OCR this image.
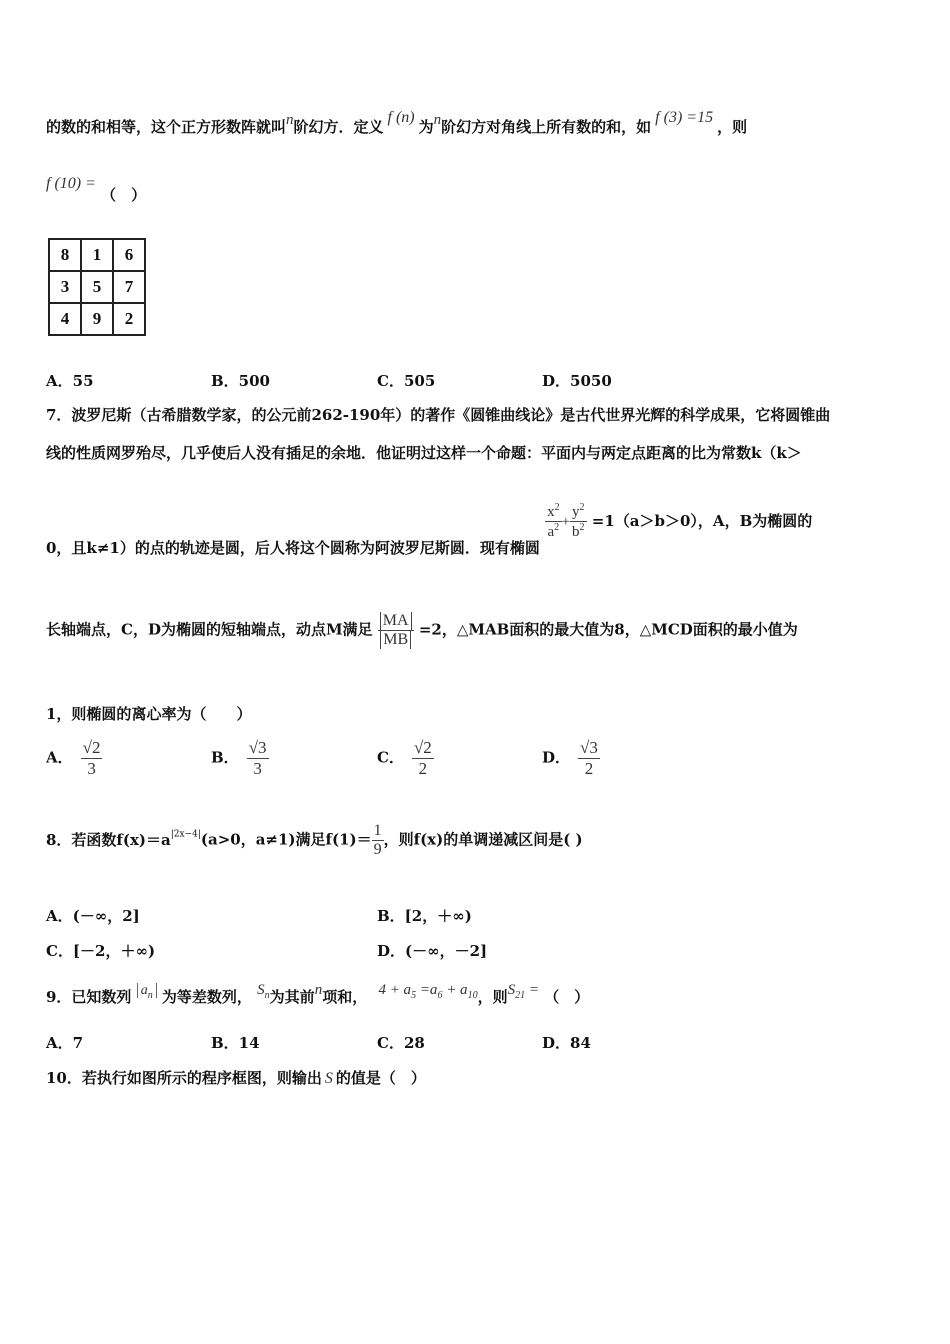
的数的和相等，这个正方形数阵就叫$^n$阶幻方．定义f (n)为$^n$阶幻方对角线上所有数的和，如f (3) =15，则
f (10) = （　）
8	1	6
3	5	7
4	9	2
A．55	B．500	C．505	D．5050
7．波罗尼斯（古希腊数学家，的公元前262-190年）的著作《圆锥曲线论》是古代世界光辉的科学成果，它将圆锥曲
线的性质网罗殆尽，几乎使后人没有插足的余地．他证明过这样一个命题：平面内与两定点距离的比为常数k（k＞
0，且k≠1）的点的轨迹是圆，后人将这个圆称为阿波罗尼斯圆．现有椭圆
$\frac{x^2}{a^2} + \frac{y^2}{b^2} =1(a>b>0)$，A，B为椭圆的
长轴端点，C，D为椭圆的短轴端点，动点M满足 $\frac{MA}{MB} =2$，△MAB面积的最大值为8，△MCD面积的最小值为
1，则椭圆的离心率为（　　）
A． $\frac{√2}{3}$	B． $\frac{√3}{3}$	C． $\frac{√2}{2}$	D． $\frac{√3}{2}$
8．若函数$f(x)=a^{|2x-4|}(a>0$，a≠1)满足$f(1)= \frac{1}{9}$ ，则f(x)的单调递减区间是( )
A．(－∞，2]	B．[2，＋∞)
C．[－2，＋∞)	D．(－∞，－2]
9．已知数列 $a_n$ 为等差数列， $S_n$为其前n项和， $4 + a_5 =a_6 + a_{10}$，则$S_{21}$ = （　）
A．7	B．14	C．28	D．84
10．若执行如图所示的程序框图，则输出 S 的值是（　）
